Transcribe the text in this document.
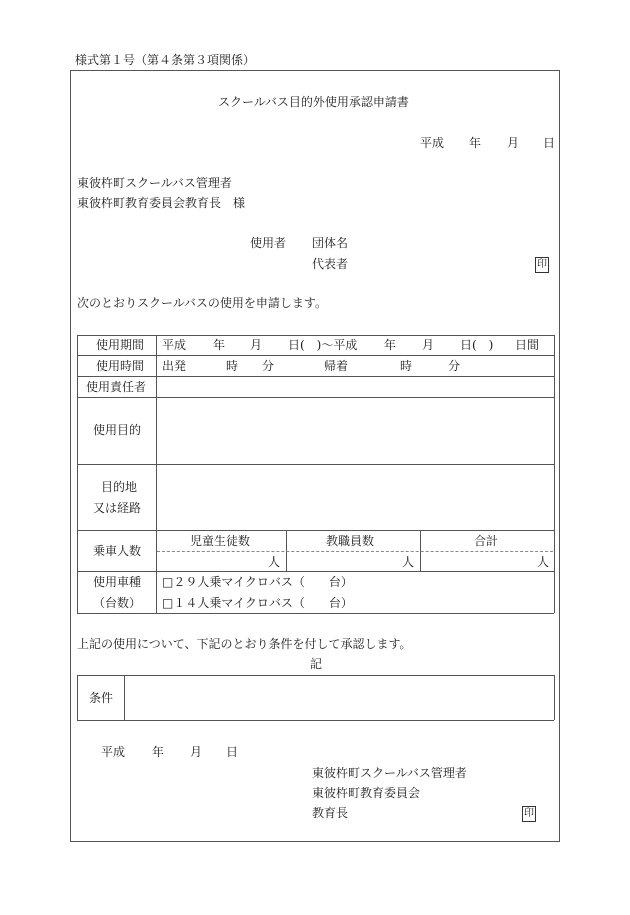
様式第１号（第４条第３項関係）
スクールバス目的外使用承認申請書
平成 年 月 日
東彼杵町スクールバス管理者
東彼杵町教育委員会教育長　様
使用者 団体名
代表者	印
次のとおりスクールバスの使用を申請します。
使用期間 平成 年 月 日(　)〜平成 年 月 日(　) 日間
使用時間 出発	時 分	帰着	時	分
使用責任者
使用目的
目的地
又は経路
乗車人数
児童生徒数	教職員数	合計
人	人	人
使用車種
（台数）
□２９人乗マイクロバス（　　台）
□１４人乗マイクロバス（　　台）
上記の使用について、下記のとおり条件を付して承認します。
記
条件
平成 年 月 日
東彼杵町スクールバス管理者
東彼杵町教育委員会
教育長	印
